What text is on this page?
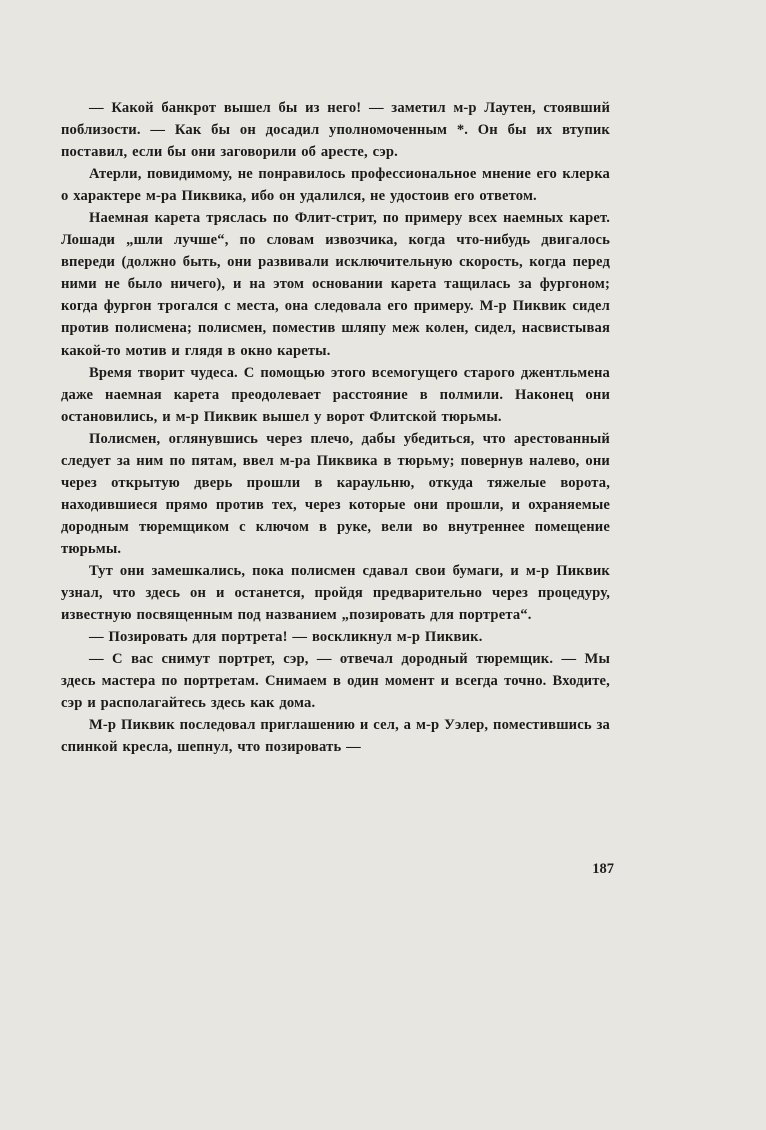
— Какой банкрот вышел бы из него! — заметил м-р Лаутен, стоявший поблизости. — Как бы он досадил уполномоченным *. Он бы их втупик поставил, если бы они заговорили об аресте, сэр.

Атерли, повидимому, не понравилось профессиональное мнение его клерка о характере м-ра Пиквика, ибо он удалился, не удостоив его ответом.

Наемная карета тряслась по Флит-стрит, по примеру всех наемных карет. Лошади „шли лучше“, по словам извозчика, когда что-нибудь двигалось впереди (должно быть, они развивали исключительную скорость, когда перед ними не было ничего), и на этом основании карета тащилась за фургоном; когда фургон трогался с места, она следовала его примеру. М-р Пиквик сидел против полисмена; полисмен, поместив шляпу меж колен, сидел, насвистывая какой-то мотив и глядя в окно кареты.

Время творит чудеса. С помощью этого всемогущего старого джентльмена даже наемная карета преодолевает расстояние в полмили. Наконец они остановились, и м-р Пиквик вышел у ворот Флитской тюрьмы.

Полисмен, оглянувшись через плечо, дабы убедиться, что арестованный следует за ним по пятам, ввел м-ра Пиквика в тюрьму; повернув налево, они через открытую дверь прошли в караульню, откуда тяжелые ворота, находившиеся прямо против тех, через которые они прошли, и охраняемые дородным тюремщиком с ключом в руке, вели во внутреннее помещение тюрьмы.

Тут они замешкались, пока полисмен сдавал свои бумаги, и м-р Пиквик узнал, что здесь он и останется, пройдя предварительно через процедуру, известную посвященным под названием „позировать для портрета“.

— Позировать для портрета! — воскликнул м-р Пиквик.

— С вас снимут портрет, сэр, — отвечал дородный тюремщик. — Мы здесь мастера по портретам. Снимаем в один момент и всегда точно. Входите, сэр и располагайтесь здесь как дома.

М-р Пиквик последовал приглашению и сел, а м-р Уэлер, поместившись за спинкой кресла, шепнул, что позировать —

187
